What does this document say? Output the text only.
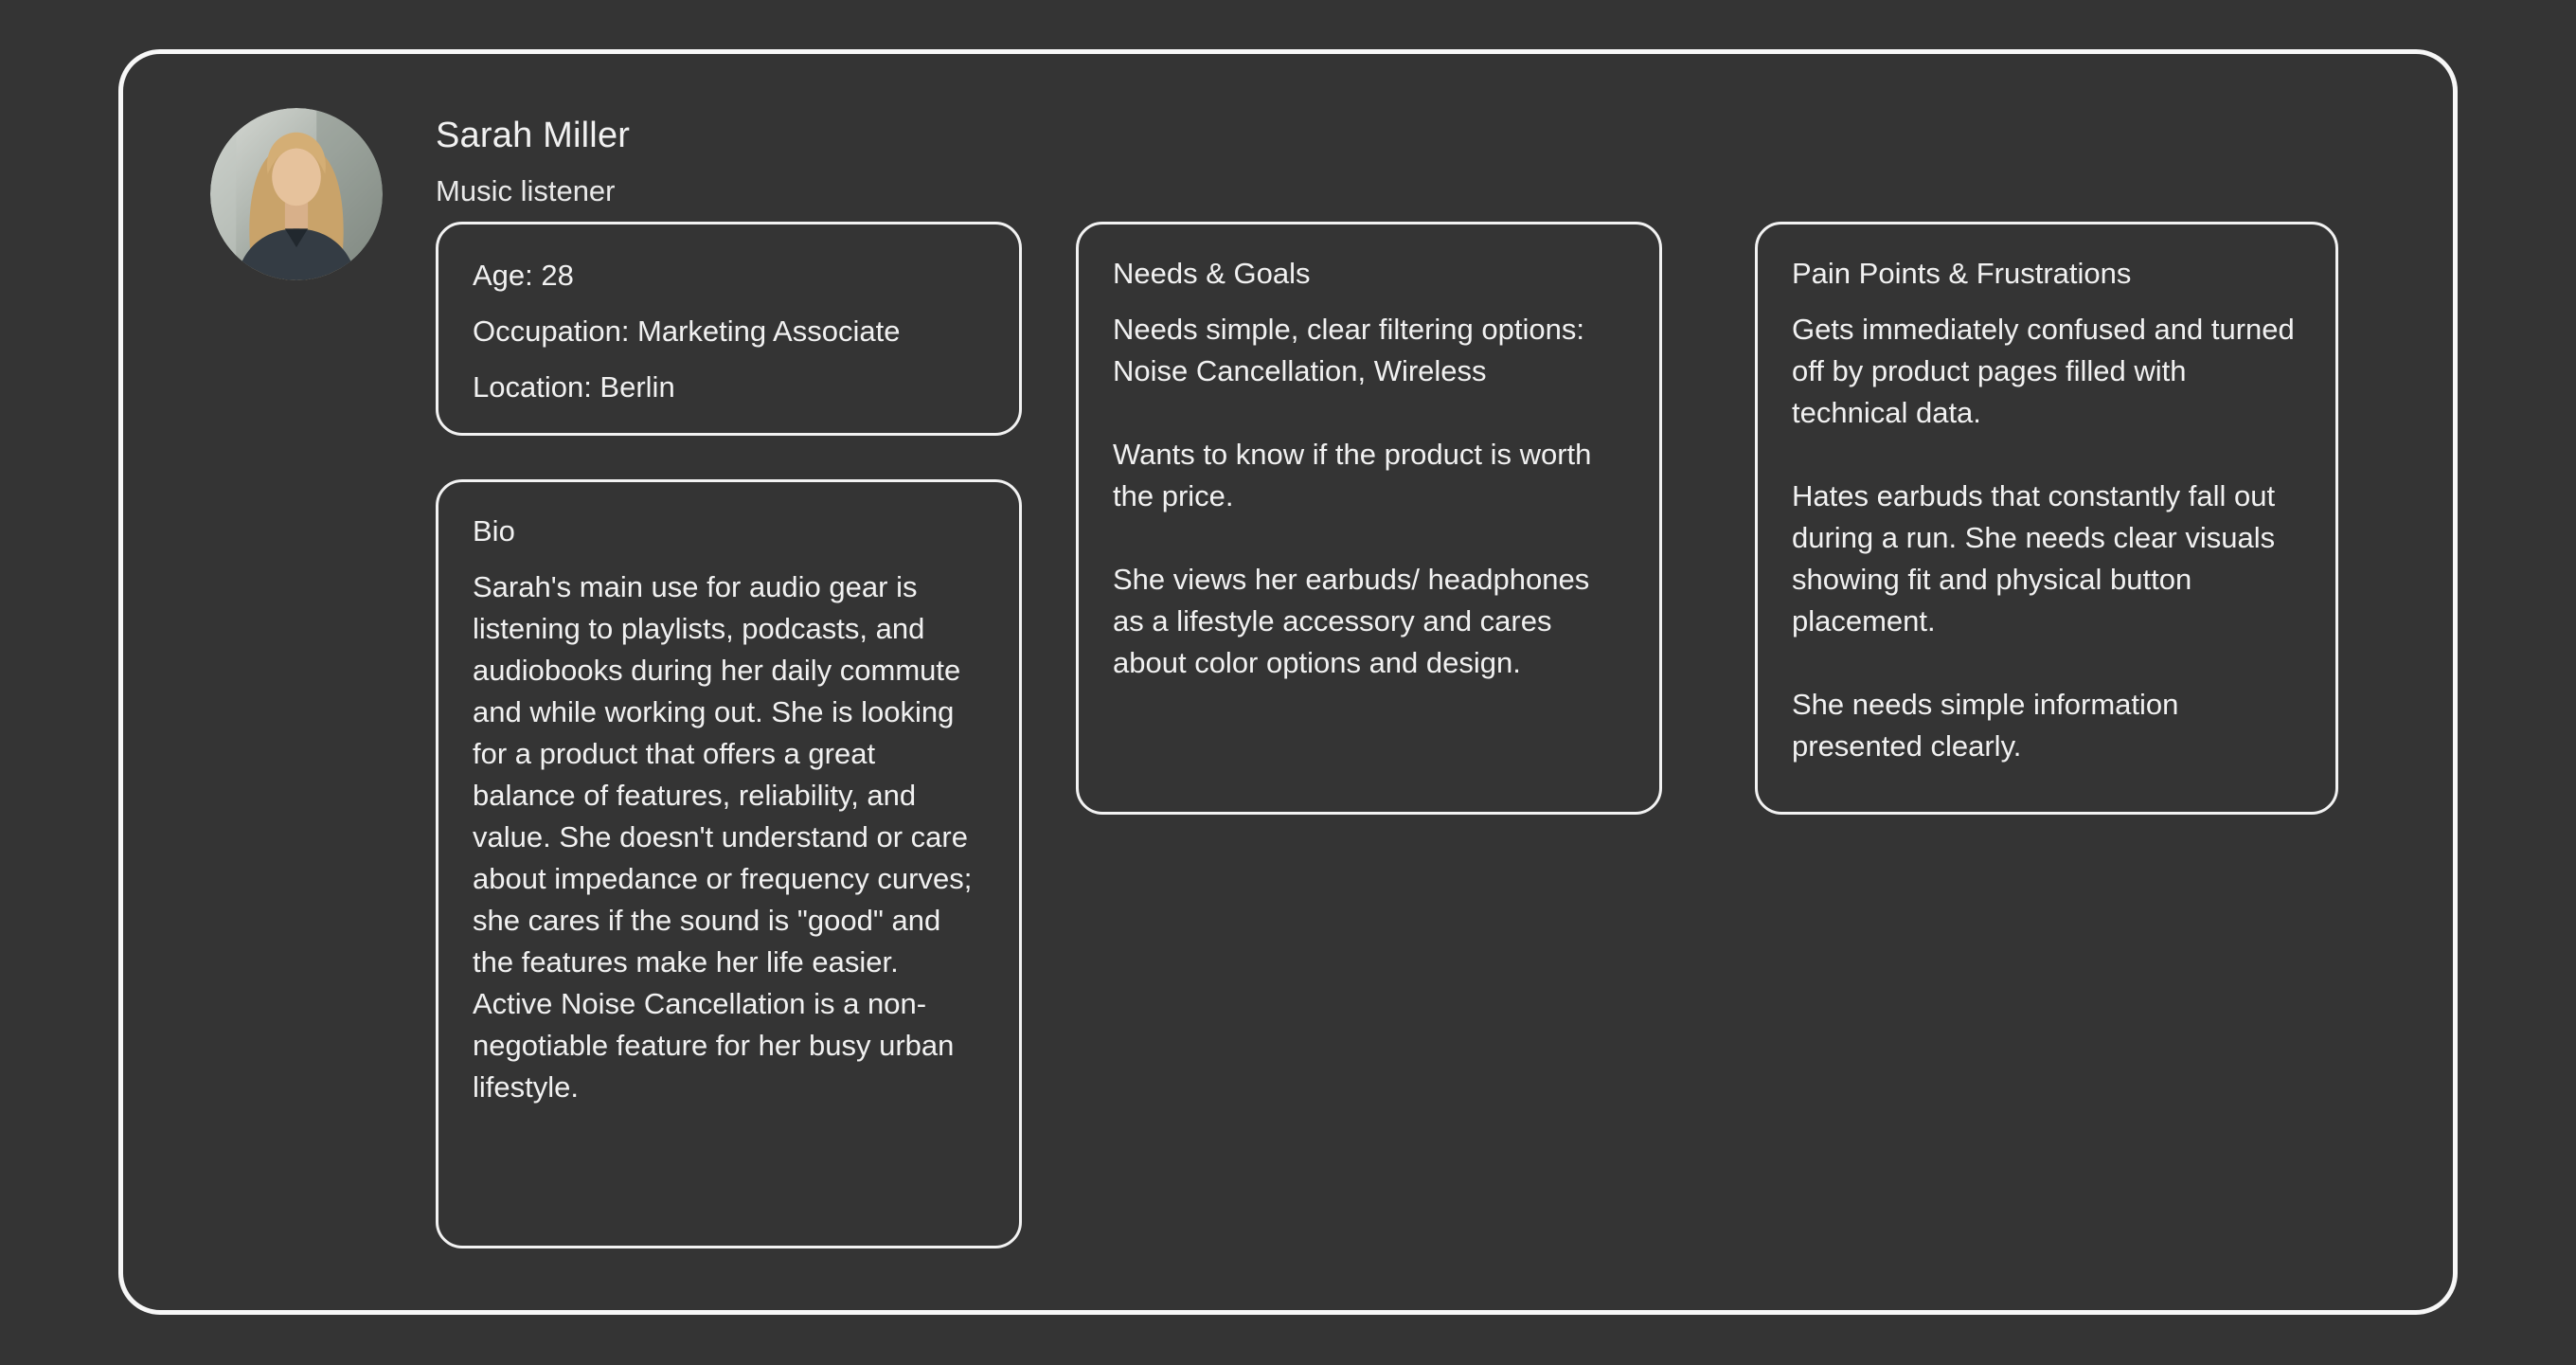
Sarah Miller
Music listener

Age: 28

Occupation: Marketing Associate

Location: Berlin

Bio

Sarah's main use for audio gear is listening to playlists, podcasts, and audiobooks during her daily commute and while working out. She is looking for a product that offers a great balance of features, reliability, and value. She doesn't understand or care about impedance or frequency curves; she cares if the sound is "good" and the features make her life easier. Active Noise Cancellation is a non-negotiable feature for her busy urban lifestyle.

Needs & Goals

Needs simple, clear filtering options: Noise Cancellation, Wireless

Wants to know if the product is worth the price.

She views her earbuds/ headphones as a lifestyle accessory and cares about color options and design.

Pain Points & Frustrations

Gets immediately confused and turned off by product pages filled with technical data.

Hates earbuds that constantly fall out during a run. She needs clear visuals showing fit and physical button placement.

She needs simple information presented clearly.
